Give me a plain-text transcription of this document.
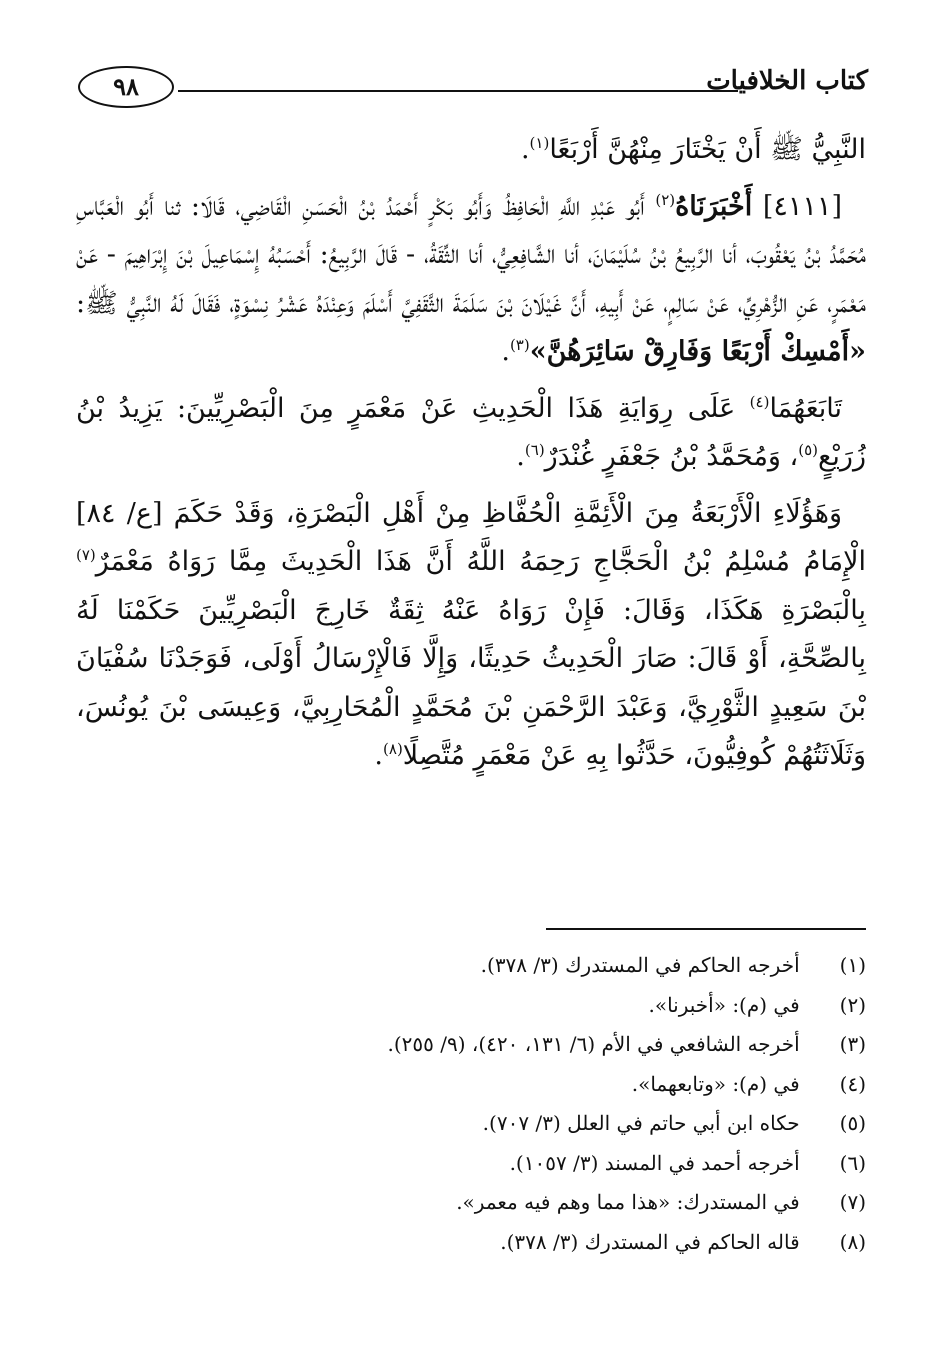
٩٨	كتاب الخلافيات

النَّبِيُّ ﷺ أَنْ يَخْتَارَ مِنْهُنَّ أَرْبَعًا$^{(١)}$.

[٤١١١] أَخْبَرَنَاهُ$^{(٢)}$ أَبُو عَبْدِ اللَّهِ الْحَافِظُ وَأَبُو بَكْرٍ أَحْمَدُ بْنُ الْحَسَنِ الْقَاضِي، قَالَا: ثنا أَبُو الْعَبَّاسِ مُحَمَّدُ بْنُ يَعْقُوبَ، أنا الرَّبِيعُ بْنُ سُلَيْمَانَ، أنا الشَّافِعِيُّ، أنا الثِّقَةُ، - قَالَ الرَّبِيعُ: أَحْسَبُهُ إِسْمَاعِيلَ بْنَ إِبْرَاهِيمَ - عَنْ مَعْمَرٍ، عَنِ الزُّهْرِيِّ، عَنْ سَالِمٍ، عَنْ أَبِيهِ، أَنَّ غَيْلَانَ بْنَ سَلَمَةَ الثَّقَفِيَّ أَسْلَمَ وَعِنْدَهُ عَشْرُ نِسْوَةٍ، فَقَالَ لَهُ النَّبِيُّ ﷺ: «أَمْسِكْ أَرْبَعًا وَفَارِقْ سَائِرَهُنَّ»$^{(٣)}$.

تَابَعَهُمَا$^{(٤)}$ عَلَى رِوَايَةِ هَذَا الْحَدِيثِ عَنْ مَعْمَرٍ مِنَ الْبَصْرِيِّينَ: يَزِيدُ بْنُ زُرَيْعٍ$^{(٥)}$، وَمُحَمَّدُ بْنُ جَعْفَرٍ غُنْدَرٌ$^{(٦)}$.

وَهَؤُلَاءِ الْأَرْبَعَةُ مِنَ الْأَئِمَّةِ الْحُفَّاظِ مِنْ أَهْلِ الْبَصْرَةِ، وَقَدْ حَكَمَ [ع/ ٨٤] الْإِمَامُ مُسْلِمُ بْنُ الْحَجَّاجِ رَحِمَهُ اللَّهُ أَنَّ هَذَا الْحَدِيثَ مِمَّا رَوَاهُ مَعْمَرٌ$^{(٧)}$ بِالْبَصْرَةِ هَكَذَا، وَقَالَ: فَإِنْ رَوَاهُ عَنْهُ ثِقَةٌ خَارِجَ الْبَصْرِيِّينَ حَكَمْنَا لَهُ بِالصِّحَّةِ، أَوْ قَالَ: صَارَ الْحَدِيثُ حَدِيثًا، وَإِلَّا فَالْإِرْسَالُ أَوْلَى، فَوَجَدْنَا سُفْيَانَ بْنَ سَعِيدٍ الثَّوْرِيَّ، وَعَبْدَ الرَّحْمَنِ بْنَ مُحَمَّدٍ الْمُحَارِبِيَّ، وَعِيسَى بْنَ يُونُسَ، وَثَلَاثَتُهُمْ كُوفِيُّونَ، حَدَّثُوا بِهِ عَنْ مَعْمَرٍ مُتَّصِلًا$^{(٨)}$.

(١) أخرجه الحاكم في المستدرك (٣/ ٣٧٨).
(٢) في (م): «أخبرنا».
(٣) أخرجه الشافعي في الأم (٦/ ١٣١، ٤٢٠)، (٩/ ٢٥٥).
(٤) في (م): «وتابعهما».
(٥) حكاه ابن أبي حاتم في العلل (٣/ ٧٠٧).
(٦) أخرجه أحمد في المسند (٣/ ١٠٥٧).
(٧) في المستدرك: «هذا مما وهم فيه معمر».
(٨) قاله الحاكم في المستدرك (٣/ ٣٧٨).
